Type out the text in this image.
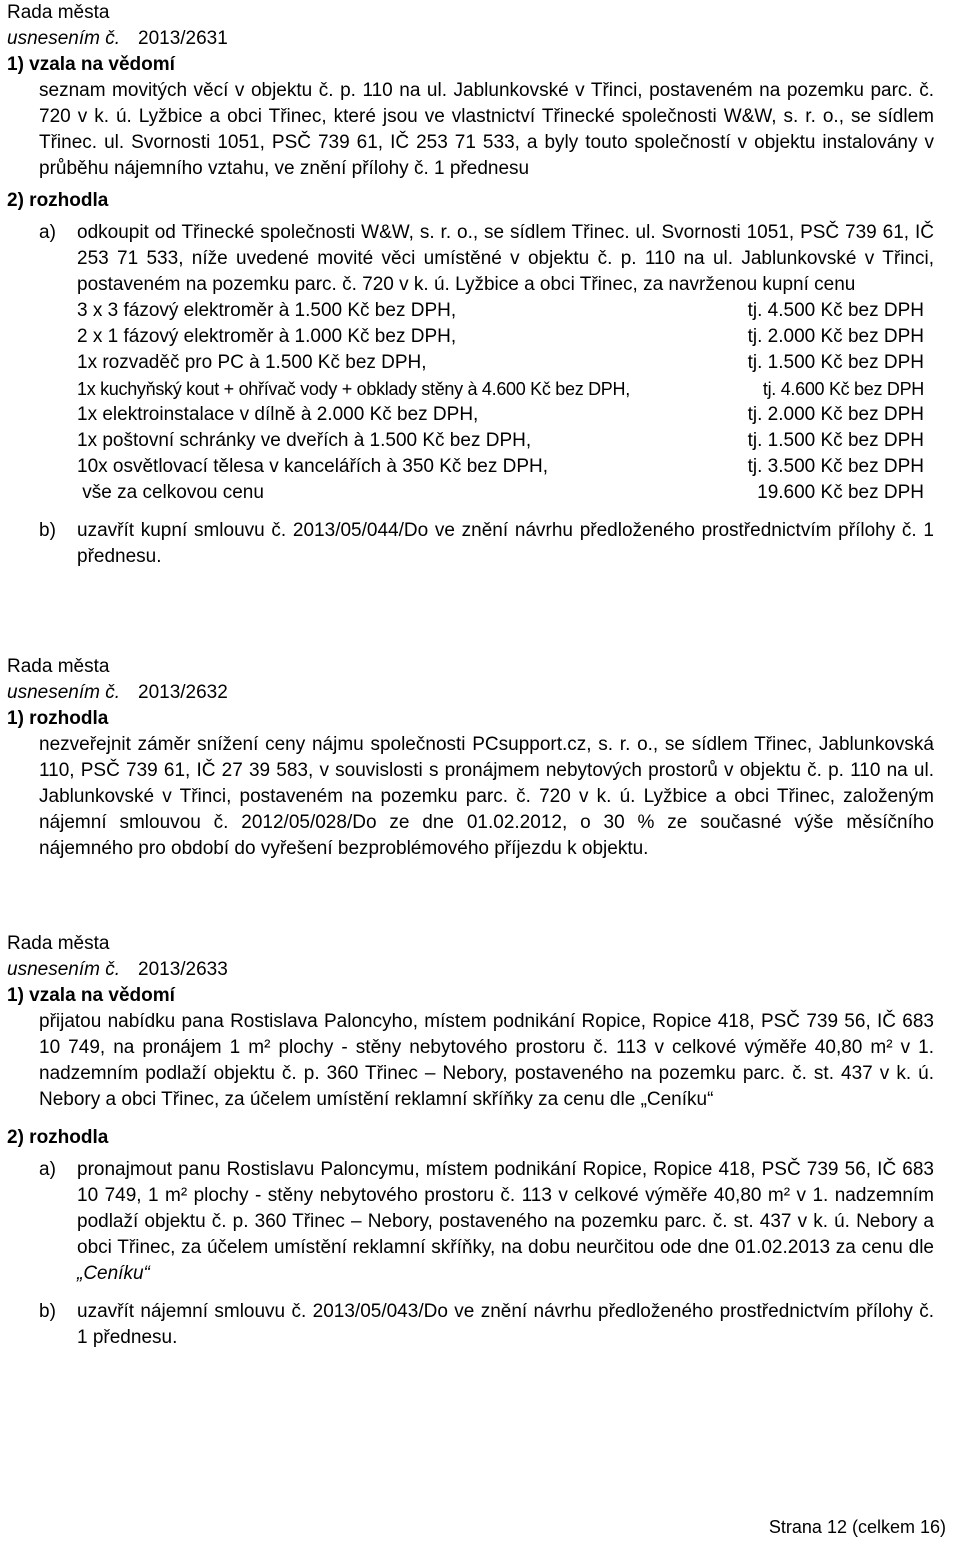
Rada města
usnesením č. 2013/2631
1) vzala na vědomí
seznam movitých věcí v objektu č. p. 110 na ul. Jablunkovské v Třinci, postaveném na pozemku parc. č. 720 v k. ú. Lyžbice a obci Třinec, které jsou ve vlastnictví Třinecké společnosti W&W, s. r. o., se sídlem Třinec. ul. Svornosti 1051, PSČ 739 61, IČ 253 71 533, a byly touto společností v objektu instalovány v průběhu nájemního vztahu, ve znění přílohy č. 1 přednesu
2) rozhodla
a) odkoupit od Třinecké společnosti W&W, s. r. o., se sídlem Třinec. ul. Svornosti 1051, PSČ 739 61, IČ 253 71 533, níže uvedené movité věci umístěné v objektu č. p. 110 na ul. Jablunkovské v Třinci, postaveném na pozemku parc. č. 720 v k. ú. Lyžbice a obci Třinec, za navrženou kupní cenu
3 x 3 fázový elektroměr à 1.500 Kč bez DPH,	tj. 4.500 Kč bez DPH
2 x 1 fázový elektroměr à 1.000 Kč bez DPH,	tj. 2.000 Kč bez DPH
1x rozvaděč pro PC à 1.500 Kč bez DPH,	tj. 1.500 Kč bez DPH
1x kuchyňský kout + ohřívač vody + obklady stěny à 4.600 Kč bez DPH,	tj. 4.600 Kč bez DPH
1x elektroinstalace v dílně à 2.000 Kč bez DPH,	tj. 2.000 Kč bez DPH
1x poštovní schránky ve dveřích à 1.500 Kč bez DPH,	tj. 1.500 Kč bez DPH
10x osvětlovací tělesa v kancelářích à 350 Kč bez DPH,	tj. 3.500 Kč bez DPH
vše za celkovou cenu	19.600 Kč bez DPH
b) uzavřít kupní smlouvu č. 2013/05/044/Do ve znění návrhu předloženého prostřednictvím přílohy č. 1 přednesu.
Rada města
usnesením č. 2013/2632
1) rozhodla
nezveřejnit záměr snížení ceny nájmu společnosti PCsupport.cz, s. r. o., se sídlem Třinec, Jablunkovská 110, PSČ 739 61, IČ 27 39 583, v souvislosti s pronájmem nebytových prostorů v objektu č. p. 110 na ul. Jablunkovské v Třinci, postaveném na pozemku parc. č. 720 v k. ú. Lyžbice a obci Třinec, založeným nájemní smlouvou č. 2012/05/028/Do ze dne 01.02.2012, o 30 % ze současné výše měsíčního nájemného pro období do vyřešení bezproblémového příjezdu k objektu.
Rada města
usnesením č. 2013/2633
1) vzala na vědomí
přijatou nabídku pana Rostislava Paloncyho, místem podnikání Ropice, Ropice 418, PSČ 739 56, IČ 683 10 749, na pronájem 1 m² plochy - stěny nebytového prostoru č. 113 v celkové výměře 40,80 m² v 1. nadzemním podlaží objektu č. p. 360 Třinec – Nebory, postaveného na pozemku parc. č. st. 437 v k. ú. Nebory a obci Třinec, za účelem umístění reklamní skříňky za cenu dle „Ceníku“
2) rozhodla
a) pronajmout panu Rostislavu Paloncymu, místem podnikání Ropice, Ropice 418, PSČ 739 56, IČ 683 10 749, 1 m² plochy - stěny nebytového prostoru č. 113 v celkové výměře 40,80 m² v 1. nadzemním podlaží objektu č. p. 360 Třinec – Nebory, postaveného na pozemku parc. č. st. 437 v k. ú. Nebory a obci Třinec, za účelem umístění reklamní skříňky, na dobu neurčitou ode dne 01.02.2013 za cenu dle „Ceníku“
b) uzavřít nájemní smlouvu č. 2013/05/043/Do ve znění návrhu předloženého prostřednictvím přílohy č. 1 přednesu.
Strana 12 (celkem 16)
